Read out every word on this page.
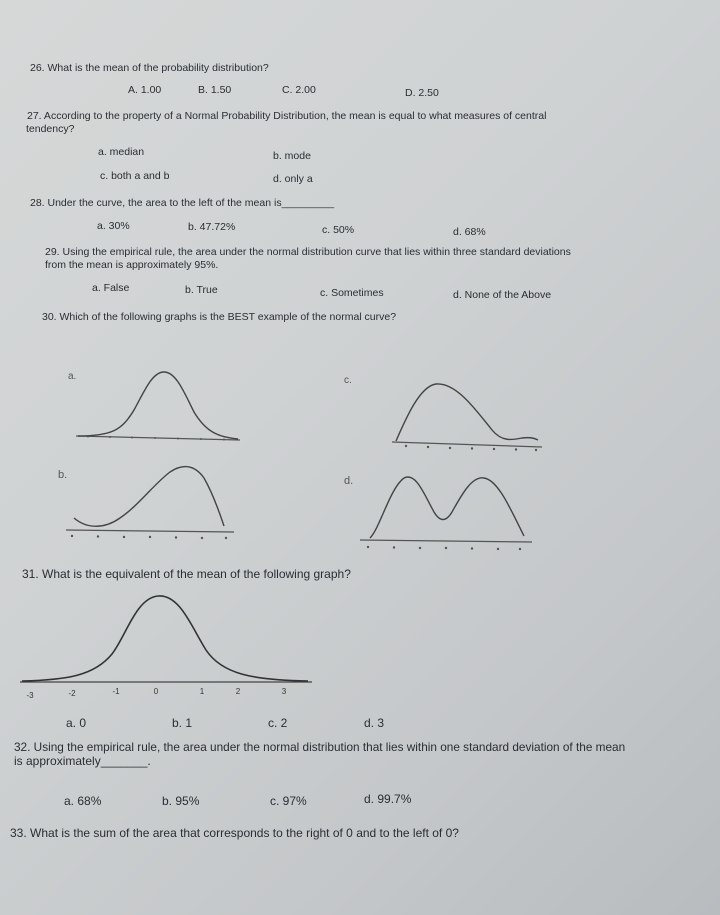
26. What is the mean of the probability distribution?
A. 1.00	B. 1.50	C. 2.00	D. 2.50
27. According to the property of a Normal Probability Distribution, the mean is equal to what measures of central
tendency?
a. median	b. mode
c. both a and b	d. only a
28. Under the curve, the area to the left of the mean is_________
a. 30%	b. 47.72%	c. 50%	d. 68%
29. Using the empirical rule, the area under the normal distribution curve that lies within three standard deviations
from the mean is approximately 95%.
a. False	b. True	c. Sometimes	d. None of the Above
30. Which of the following graphs is the BEST example of the normal curve?
a.	c.
b.	d.
31. What is the equivalent of the mean of the following graph?
-3	-2	-1	0	1	2	3
a. 0	b. 1	c. 2	d. 3
32. Using the empirical rule, the area under the normal distribution that lies within one standard deviation of the mean
is approximately_______.
a. 68%	b. 95%	c. 97%	d. 99.7%
33. What is the sum of the area that corresponds to the right of 0 and to the left of 0?
